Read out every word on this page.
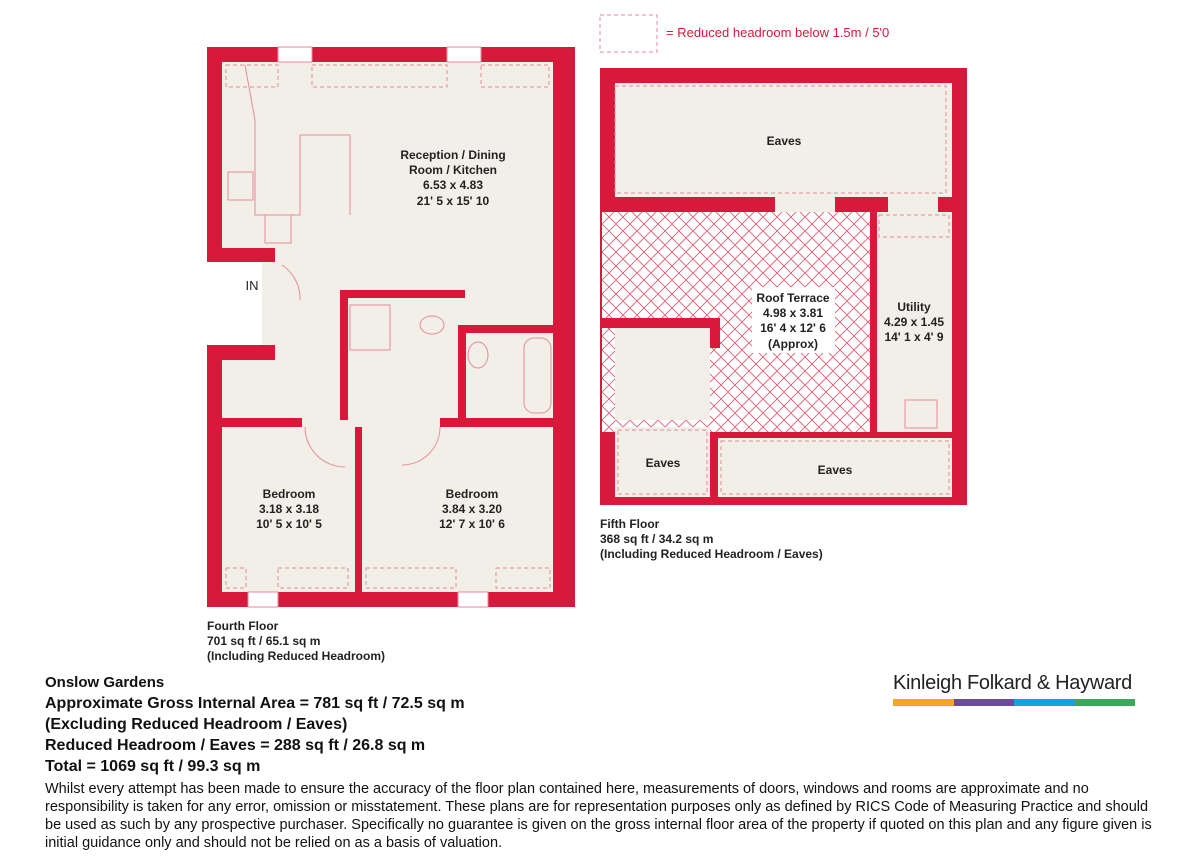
IN
Reception / Dining
Room / Kitchen
6.53 x 4.83
21' 5 x 15' 10
Bedroom
3.18 x 3.18
10' 5 x 10' 5
Bedroom
3.84 x 3.20
12' 7 x 10' 6
Eaves
Eaves	Eaves
Roof Terrace
4.98 x 3.81
16' 4 x 12' 6
(Approx)
Utility
4.29 x 1.45
14' 1 x 4' 9
= Reduced headroom below 1.5m / 5'0
Fourth Floor
701 sq ft / 65.1 sq m
(Including Reduced Headroom)
Fifth Floor
368 sq ft / 34.2 sq m
(Including Reduced Headroom / Eaves)
Onslow Gardens
Approximate Gross Internal Area = 781 sq ft / 72.5 sq m
(Excluding Reduced Headroom / Eaves)
Reduced Headroom / Eaves = 288 sq ft / 26.8 sq m
Total = 1069 sq ft / 99.3 sq m
Whilst every attempt has been made to ensure the accuracy of the floor plan contained here, measurements of doors, windows and rooms are approximate and no responsibility is taken for any error, omission or misstatement. These plans are for representation purposes only as defined by RICS Code of Measuring Practice and should be used as such by any prospective purchaser. Specifically no guarantee is given on the gross internal floor area of the property if quoted on this plan and any figure given is initial guidance only and should not be relied on as a basis of valuation.
Kinleigh Folkard & Hayward
